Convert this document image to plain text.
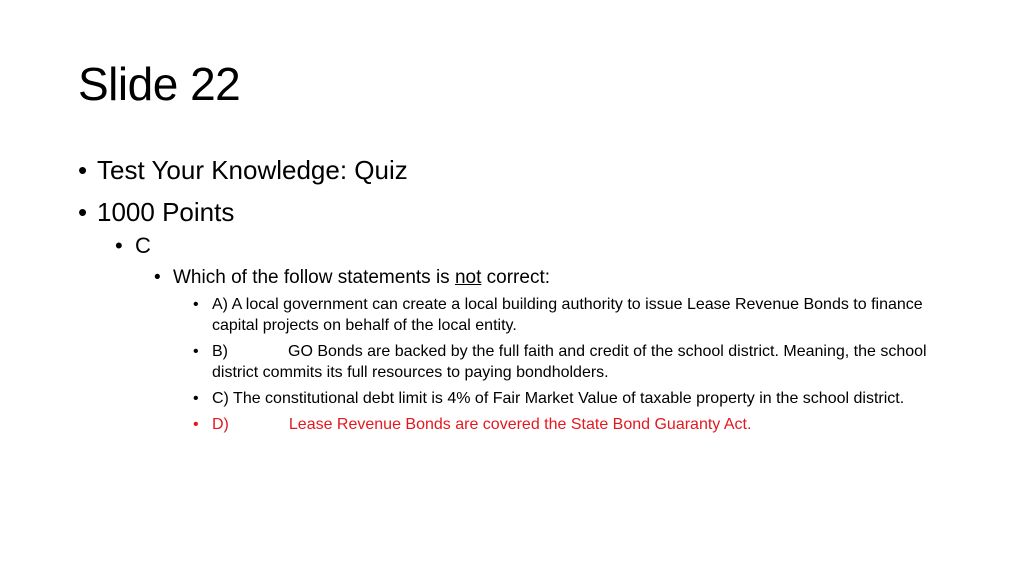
Slide 22
• Test Your Knowledge: Quiz
• 1000 Points
• C
• Which of the follow statements is not correct:
• A) A local government can create a local building authority to issue Lease Revenue Bonds to finance capital projects on behalf of the local entity.
• B)	GO Bonds are backed by the full faith and credit of the school district. Meaning, the school district commits its full resources to paying bondholders.
• C) The constitutional debt limit is 4% of Fair Market Value of taxable property in the school district.
• D)	Lease Revenue Bonds are covered the State Bond Guaranty Act.
